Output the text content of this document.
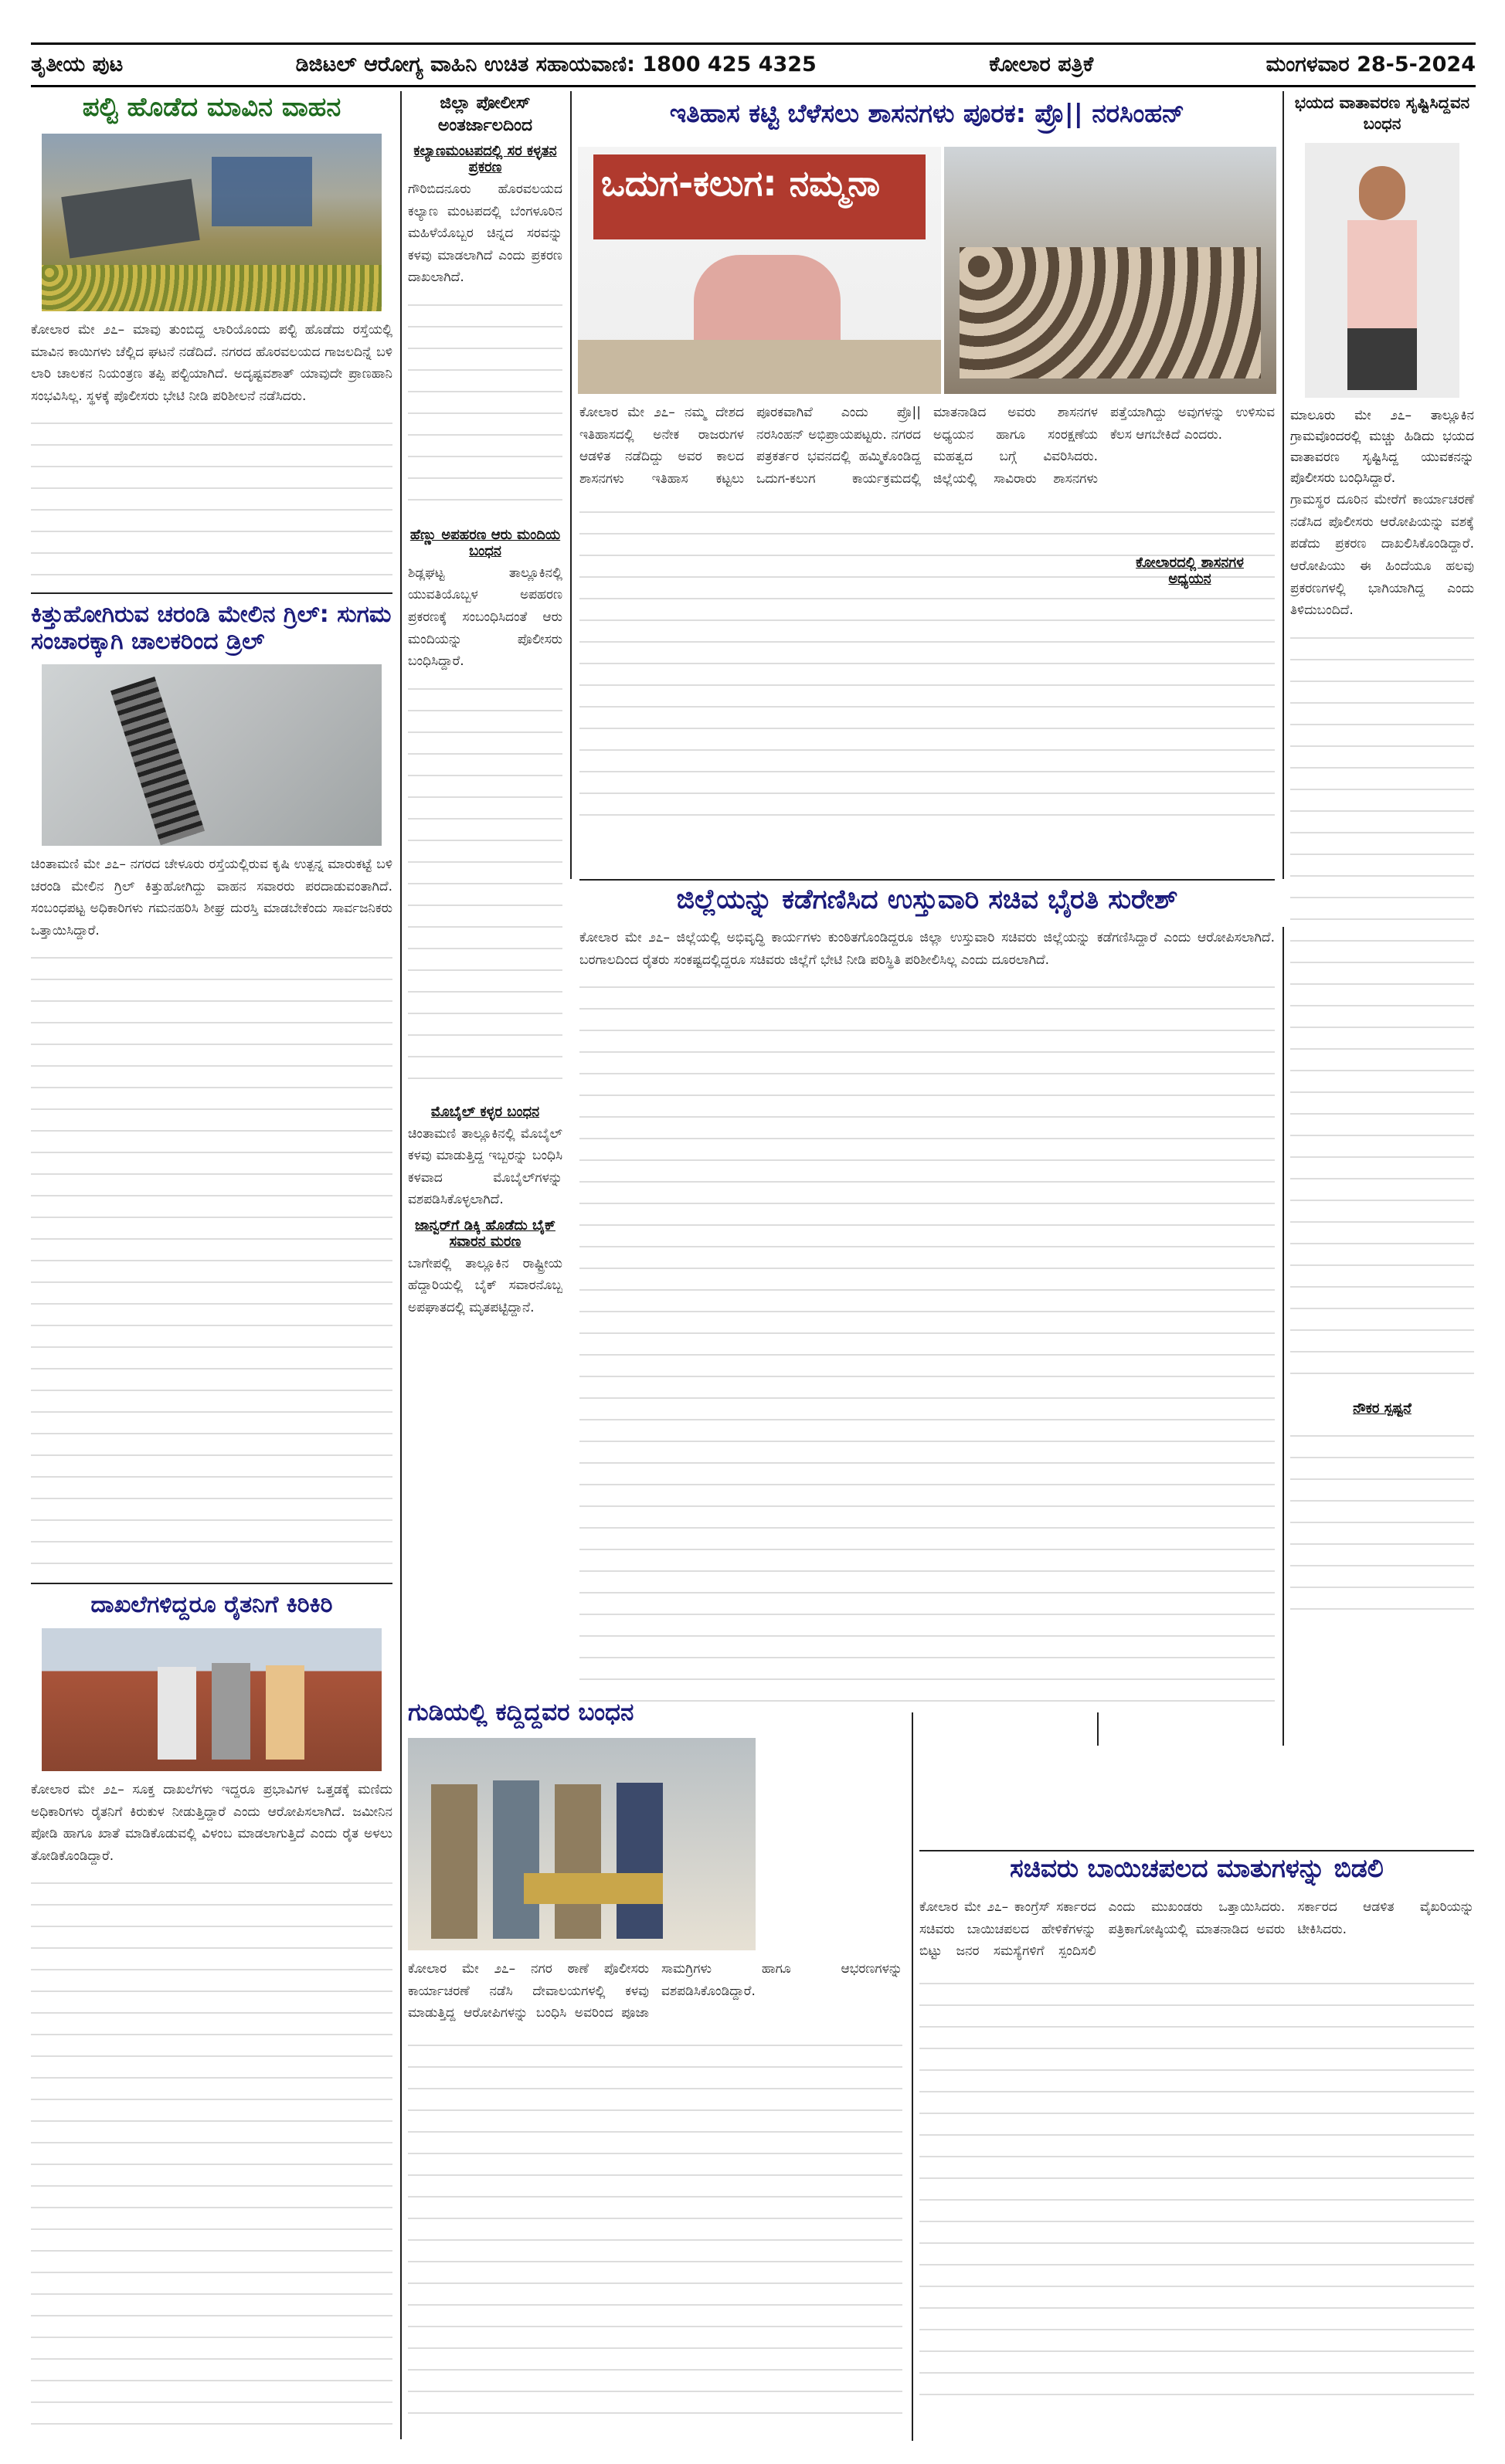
ತೃತೀಯ ಪುಟ	ಡಿಜಿಟಲ್ ಆರೋಗ್ಯ ವಾಹಿನಿ ಉಚಿತ ಸಹಾಯವಾಣಿ: 1800 425 4325	ಕೋಲಾರ ಪತ್ರಿಕೆ	ಮಂಗಳವಾರ 28-5-2024
ಪಲ್ಟಿ ಹೊಡೆದ ಮಾವಿನ ವಾಹನ
ಕೋಲಾರ ಮೇ ೨೭– ಮಾವು ತುಂಬಿದ್ದ ಲಾರಿಯೊಂದು ಪಲ್ಟಿ ಹೊಡೆದು ರಸ್ತೆಯಲ್ಲಿ ಮಾವಿನ ಕಾಯಿಗಳು ಚೆಲ್ಲಿದ ಘಟನೆ ನಡೆದಿದೆ. ನಗರದ ಹೊರವಲಯದ ಗಾಜಲದಿನ್ನೆ ಬಳಿ ಲಾರಿ ಚಾಲಕನ ನಿಯಂತ್ರಣ ತಪ್ಪಿ ಪಲ್ಟಿಯಾಗಿದೆ. ಅದೃಷ್ಟವಶಾತ್ ಯಾವುದೇ ಪ್ರಾಣಹಾನಿ ಸಂಭವಿಸಿಲ್ಲ. ಸ್ಥಳಕ್ಕೆ ಪೊಲೀಸರು ಭೇಟಿ ನೀಡಿ ಪರಿಶೀಲನೆ ನಡೆಸಿದರು.
ಕಿತ್ತುಹೋಗಿರುವ ಚರಂಡಿ ಮೇಲಿನ ಗ್ರಿಲ್: ಸುಗಮ ಸಂಚಾರಕ್ಕಾಗಿ ಚಾಲಕರಿಂದ ಡ್ರಿಲ್
ಚಿಂತಾಮಣಿ ಮೇ ೨೭– ನಗರದ ಚೇಳೂರು ರಸ್ತೆಯಲ್ಲಿರುವ ಕೃಷಿ ಉತ್ಪನ್ನ ಮಾರುಕಟ್ಟೆ ಬಳಿ ಚರಂಡಿ ಮೇಲಿನ ಗ್ರಿಲ್ ಕಿತ್ತುಹೋಗಿದ್ದು ವಾಹನ ಸವಾರರು ಪರದಾಡುವಂತಾಗಿದೆ. ಸಂಬಂಧಪಟ್ಟ ಅಧಿಕಾರಿಗಳು ಗಮನಹರಿಸಿ ಶೀಘ್ರ ದುರಸ್ತಿ ಮಾಡಬೇಕೆಂದು ಸಾರ್ವಜನಿಕರು ಒತ್ತಾಯಿಸಿದ್ದಾರೆ.
ದಾಖಲೆಗಳಿದ್ದರೂ ರೈತನಿಗೆ ಕಿರಿಕಿರಿ
ಕೋಲಾರ ಮೇ ೨೭– ಸೂಕ್ತ ದಾಖಲೆಗಳು ಇದ್ದರೂ ಪ್ರಭಾವಿಗಳ ಒತ್ತಡಕ್ಕೆ ಮಣಿದು ಅಧಿಕಾರಿಗಳು ರೈತನಿಗೆ ಕಿರುಕುಳ ನೀಡುತ್ತಿದ್ದಾರೆ ಎಂದು ಆರೋಪಿಸಲಾಗಿದೆ. ಜಮೀನಿನ ಪೋಡಿ ಹಾಗೂ ಖಾತೆ ಮಾಡಿಕೊಡುವಲ್ಲಿ ವಿಳಂಬ ಮಾಡಲಾಗುತ್ತಿದೆ ಎಂದು ರೈತ ಅಳಲು ತೋಡಿಕೊಂಡಿದ್ದಾರೆ.
ಜಿಲ್ಲಾ ಪೋಲೀಸ್ ಅಂತರ್ಜಾಲದಿಂದ
ಕಲ್ಯಾಣಮಂಟಪದಲ್ಲಿ ಸರ ಕಳ್ಳತನ ಪ್ರಕರಣ
ಗೌರಿಬಿದನೂರು ಹೊರವಲಯದ ಕಲ್ಯಾಣ ಮಂಟಪದಲ್ಲಿ ಬೆಂಗಳೂರಿನ ಮಹಿಳೆಯೊಬ್ಬರ ಚಿನ್ನದ ಸರವನ್ನು ಕಳವು ಮಾಡಲಾಗಿದೆ ಎಂದು ಪ್ರಕರಣ ದಾಖಲಾಗಿದೆ.
ಹೆಣ್ಣು ಅಪಹರಣ ಆರು ಮಂದಿಯ ಬಂಧನ
ಶಿಡ್ಲಘಟ್ಟ ತಾಲ್ಲೂಕಿನಲ್ಲಿ ಯುವತಿಯೊಬ್ಬಳ ಅಪಹರಣ ಪ್ರಕರಣಕ್ಕೆ ಸಂಬಂಧಿಸಿದಂತೆ ಆರು ಮಂದಿಯನ್ನು ಪೊಲೀಸರು ಬಂಧಿಸಿದ್ದಾರೆ.
ಮೊಬೈಲ್ ಕಳ್ಳರ ಬಂಧನ
ಚಿಂತಾಮಣಿ ತಾಲ್ಲೂಕಿನಲ್ಲಿ ಮೊಬೈಲ್ ಕಳವು ಮಾಡುತ್ತಿದ್ದ ಇಬ್ಬರನ್ನು ಬಂಧಿಸಿ ಕಳವಾದ ಮೊಬೈಲ್‌ಗಳನ್ನು ವಶಪಡಿಸಿಕೊಳ್ಳಲಾಗಿದೆ.
ಜಾನ್ವರ್‌ಗೆ ಡಿಕ್ಕಿ ಹೊಡೆದು ಬೈಕ್ ಸವಾರನ ಮರಣ
ಬಾಗೇಪಲ್ಲಿ ತಾಲ್ಲೂಕಿನ ರಾಷ್ಟ್ರೀಯ ಹೆದ್ದಾರಿಯಲ್ಲಿ ಬೈಕ್ ಸವಾರನೊಬ್ಬ ಅಪಘಾತದಲ್ಲಿ ಮೃತಪಟ್ಟಿದ್ದಾನೆ.
ಇತಿಹಾಸ ಕಟ್ಟಿ ಬೆಳೆಸಲು ಶಾಸನಗಳು ಪೂರಕ: ಪ್ರೊ|| ನರಸಿಂಹನ್
ಒದುಗ-ಕಲುಗ: ನಮ್ಮನಾ
ಕೋಲಾರ ಮೇ ೨೭– ನಮ್ಮ ದೇಶದ ಇತಿಹಾಸದಲ್ಲಿ ಅನೇಕ ರಾಜರುಗಳ ಆಡಳಿತ ನಡೆದಿದ್ದು ಅವರ ಕಾಲದ ಶಾಸನಗಳು ಇತಿಹಾಸ ಕಟ್ಟಲು ಪೂರಕವಾಗಿವೆ ಎಂದು ಪ್ರೊ|| ನರಸಿಂಹನ್ ಅಭಿಪ್ರಾಯಪಟ್ಟರು. ನಗರದ ಪತ್ರಕರ್ತರ ಭವನದಲ್ಲಿ ಹಮ್ಮಿಕೊಂಡಿದ್ದ ಒದುಗ-ಕಲುಗ ಕಾರ್ಯಕ್ರಮದಲ್ಲಿ ಮಾತನಾಡಿದ ಅವರು ಶಾಸನಗಳ ಅಧ್ಯಯನ ಹಾಗೂ ಸಂರಕ್ಷಣೆಯ ಮಹತ್ವದ ಬಗ್ಗೆ ವಿವರಿಸಿದರು. ಜಿಲ್ಲೆಯಲ್ಲಿ ಸಾವಿರಾರು ಶಾಸನಗಳು ಪತ್ತೆಯಾಗಿದ್ದು ಅವುಗಳನ್ನು ಉಳಿಸುವ ಕೆಲಸ ಆಗಬೇಕಿದೆ ಎಂದರು.
ಕೋಲಾರದಲ್ಲಿ ಶಾಸನಗಳ ಅಧ್ಯಯನ
ಭಯದ ವಾತಾವರಣ ಸೃಷ್ಟಿಸಿದ್ದವನ ಬಂಧನ
ಮಾಲೂರು ಮೇ ೨೭– ತಾಲ್ಲೂಕಿನ ಗ್ರಾಮವೊಂದರಲ್ಲಿ ಮಚ್ಚು ಹಿಡಿದು ಭಯದ ವಾತಾವರಣ ಸೃಷ್ಟಿಸಿದ್ದ ಯುವಕನನ್ನು ಪೊಲೀಸರು ಬಂಧಿಸಿದ್ದಾರೆ.
ಗ್ರಾಮಸ್ಥರ ದೂರಿನ ಮೇರೆಗೆ ಕಾರ್ಯಾಚರಣೆ ನಡೆಸಿದ ಪೊಲೀಸರು ಆರೋಪಿಯನ್ನು ವಶಕ್ಕೆ ಪಡೆದು ಪ್ರಕರಣ ದಾಖಲಿಸಿಕೊಂಡಿದ್ದಾರೆ. ಆರೋಪಿಯು ಈ ಹಿಂದೆಯೂ ಹಲವು ಪ್ರಕರಣಗಳಲ್ಲಿ ಭಾಗಿಯಾಗಿದ್ದ ಎಂದು ತಿಳಿದುಬಂದಿದೆ.
ನೌಕರ ಸ್ಪಷ್ಟನೆ
ಜಿಲ್ಲೆಯನ್ನು ಕಡೆಗಣಿಸಿದ ಉಸ್ತುವಾರಿ ಸಚಿವ ಭೈರತಿ ಸುರೇಶ್
ಕೋಲಾರ ಮೇ ೨೭– ಜಿಲ್ಲೆಯಲ್ಲಿ ಅಭಿವೃದ್ಧಿ ಕಾರ್ಯಗಳು ಕುಂಠಿತಗೊಂಡಿದ್ದರೂ ಜಿಲ್ಲಾ ಉಸ್ತುವಾರಿ ಸಚಿವರು ಜಿಲ್ಲೆಯನ್ನು ಕಡೆಗಣಿಸಿದ್ದಾರೆ ಎಂದು ಆರೋಪಿಸಲಾಗಿದೆ. ಬರಗಾಲದಿಂದ ರೈತರು ಸಂಕಷ್ಟದಲ್ಲಿದ್ದರೂ ಸಚಿವರು ಜಿಲ್ಲೆಗೆ ಭೇಟಿ ನೀಡಿ ಪರಿಸ್ಥಿತಿ ಪರಿಶೀಲಿಸಿಲ್ಲ ಎಂದು ದೂರಲಾಗಿದೆ.
ಗುಡಿಯಲ್ಲಿ ಕದ್ದಿದ್ದವರ ಬಂಧನ
ಕೋಲಾರ ಮೇ ೨೭– ನಗರ ಠಾಣೆ ಪೊಲೀಸರು ಕಾರ್ಯಾಚರಣೆ ನಡೆಸಿ ದೇವಾಲಯಗಳಲ್ಲಿ ಕಳವು ಮಾಡುತ್ತಿದ್ದ ಆರೋಪಿಗಳನ್ನು ಬಂಧಿಸಿ ಅವರಿಂದ ಪೂಜಾ ಸಾಮಗ್ರಿಗಳು ಹಾಗೂ ಆಭರಣಗಳನ್ನು ವಶಪಡಿಸಿಕೊಂಡಿದ್ದಾರೆ.
ಸಚಿವರು ಬಾಯಿಚಪಲದ ಮಾತುಗಳನ್ನು ಬಿಡಲಿ
ಕೋಲಾರ ಮೇ ೨೭– ಕಾಂಗ್ರೆಸ್ ಸರ್ಕಾರದ ಸಚಿವರು ಬಾಯಿಚಪಲದ ಹೇಳಿಕೆಗಳನ್ನು ಬಿಟ್ಟು ಜನರ ಸಮಸ್ಯೆಗಳಿಗೆ ಸ್ಪಂದಿಸಲಿ ಎಂದು ಮುಖಂಡರು ಒತ್ತಾಯಿಸಿದರು. ಪತ್ರಿಕಾಗೋಷ್ಠಿಯಲ್ಲಿ ಮಾತನಾಡಿದ ಅವರು ಸರ್ಕಾರದ ಆಡಳಿತ ವೈಖರಿಯನ್ನು ಟೀಕಿಸಿದರು.
